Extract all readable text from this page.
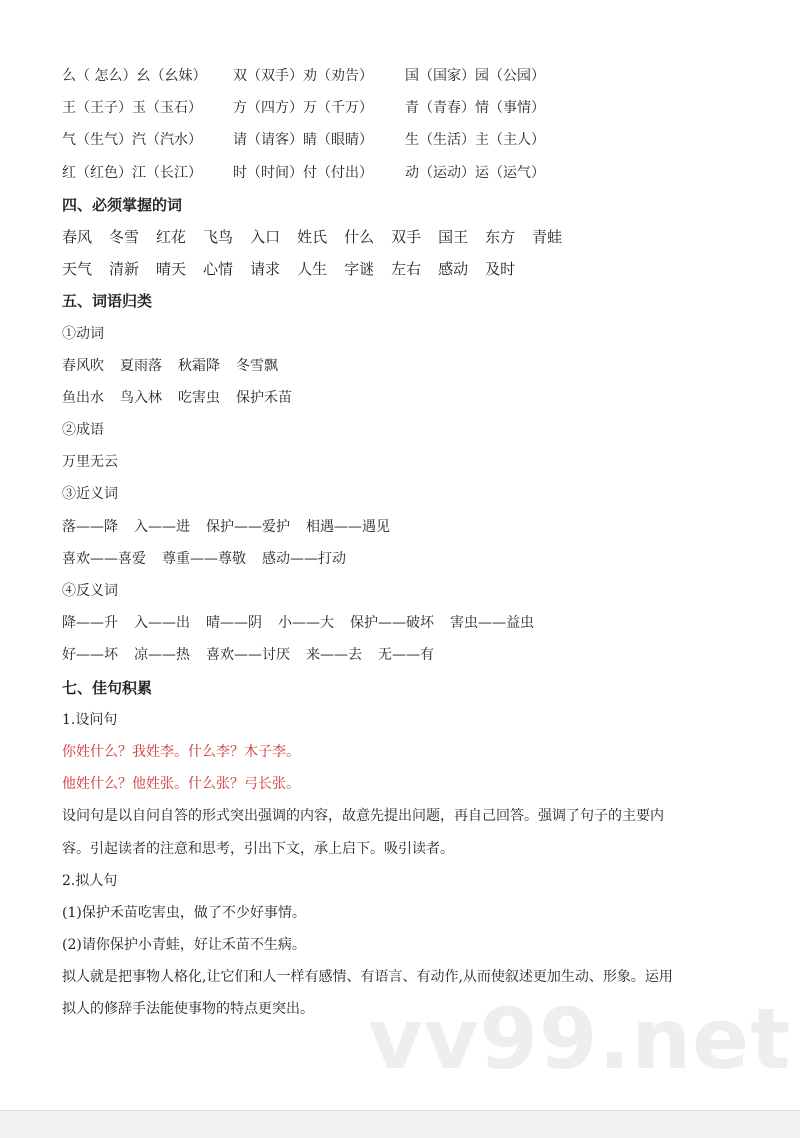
么（ 怎么）幺（幺妹）	双（双手）劝（劝告）	国（国家）园（公园）
王（王子）玉（玉石）	方（四方）万（千万）	青（青春）情（事情）
气（生气）汽（汽水）	请（请客）睛（眼睛）	生（生活）主（主人）
红（红色）江（长江）	时（时间）付（付出）	动（运动）运（运气）
四、必须掌握的词
春风 冬雪 红花 飞鸟 入口 姓氏 什么 双手 国王 东方 青蛙
天气 清新 晴天 心情 请求 人生 字谜 左右 感动 及时
五、词语归类
①动词
春风吹 夏雨落 秋霜降 冬雪飘
鱼出水 鸟入林 吃害虫 保护禾苗
②成语
万里无云
③近义词
落——降 入——进 保护——爱护 相遇——遇见
喜欢——喜爱 尊重——尊敬 感动——打动
④反义词
降——升 入——出 晴——阴 小——大 保护——破坏 害虫——益虫
好——坏 凉——热 喜欢——讨厌 来——去 无——有
七、佳句积累
1.设问句
你姓什么？我姓李。什么李？木子李。
他姓什么？他姓张。什么张？弓长张。
设问句是以自问自答的形式突出强调的内容，故意先提出问题，再自己回答。强调了句子的主要内
容。引起读者的注意和思考，引出下文，承上启下。吸引读者。
2.拟人句
(1)保护禾苗吃害虫，做了不少好事情。
(2)请你保护小青蛙，好让禾苗不生病。
拟人就是把事物人格化,让它们和人一样有感情、有语言、有动作,从而使叙述更加生动、形象。运用
拟人的修辞手法能使事物的特点更突出。 vv99.net
